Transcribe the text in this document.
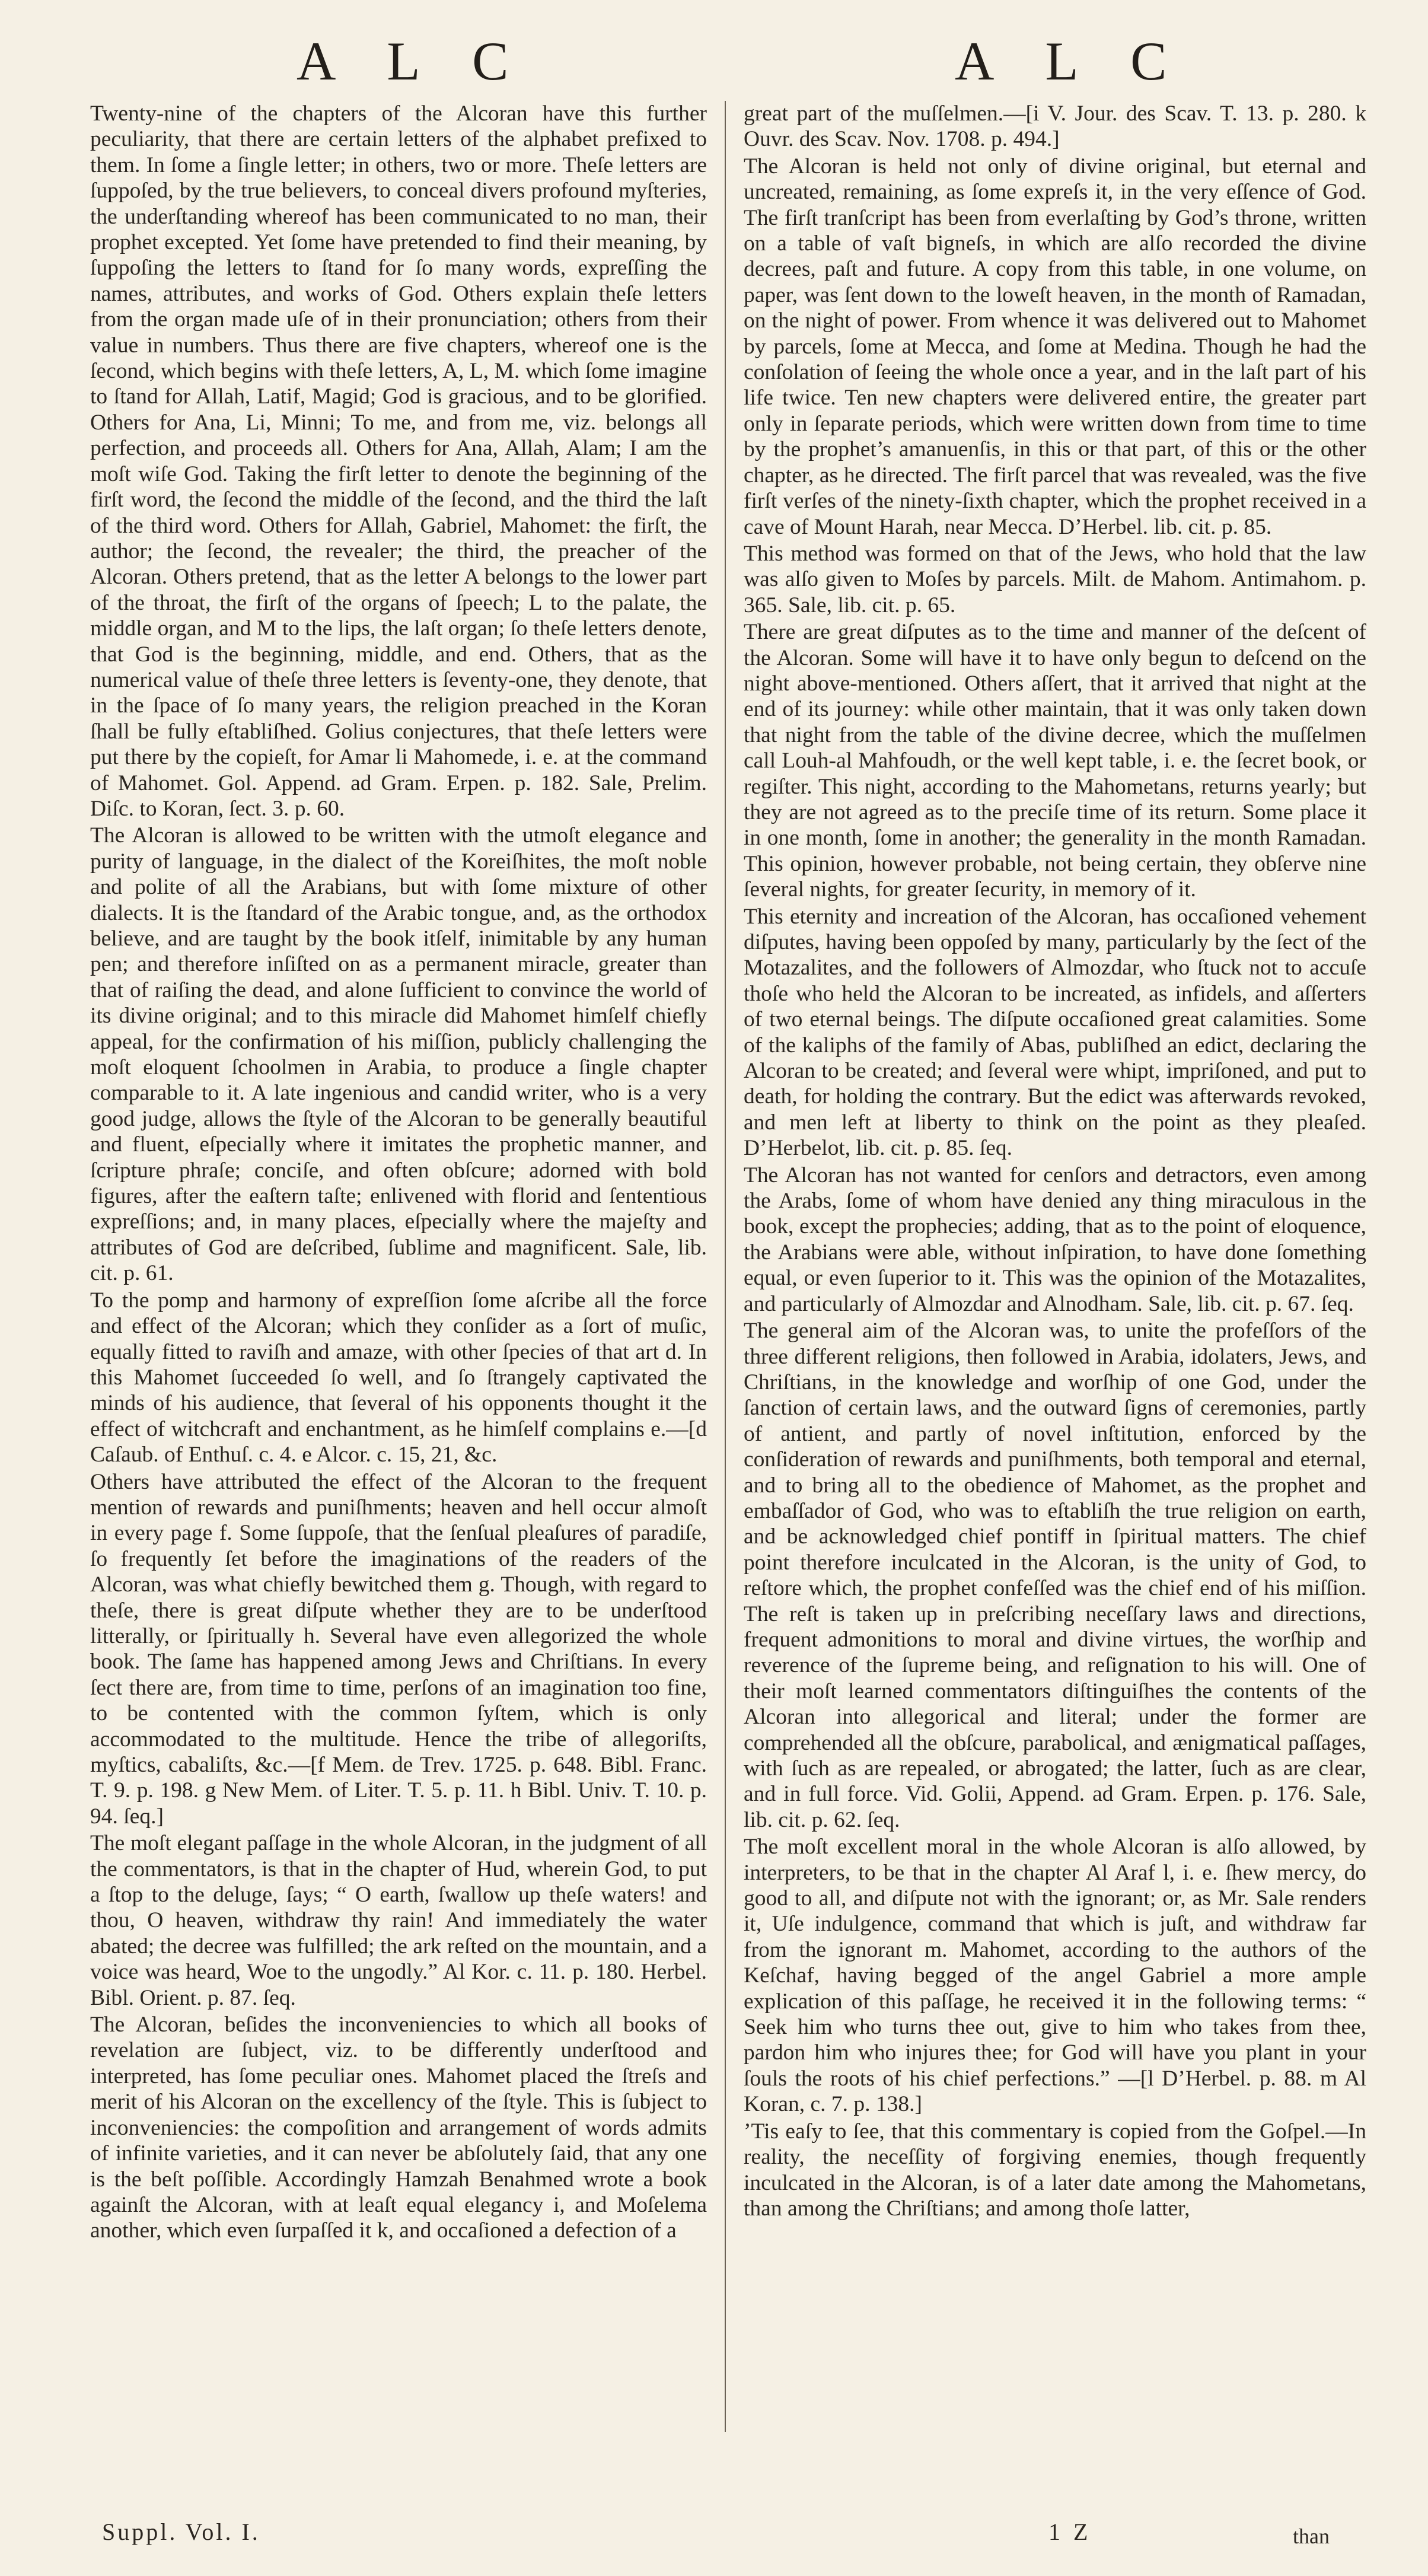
A L C	A L C

Twenty-nine of the chapters of the Alcoran have this further peculiarity, that there are certain letters of the alphabet prefixed to them. In ſome a ſingle letter; in others, two or more. Theſe letters are ſuppoſed, by the true believers, to conceal divers profound myſteries, the underſtanding whereof has been communicated to no man, their prophet excepted. Yet ſome have pretended to find their meaning, by ſuppoſing the letters to ſtand for ſo many words, expreſſing the names, attributes, and works of God. Others explain theſe letters from the organ made uſe of in their pronunciation; others from their value in numbers. Thus there are five chapters, whereof one is the ſecond, which begins with theſe letters, A, L, M. which ſome imagine to ſtand for Allah, Latif, Magid; God is gracious, and to be glorified. Others for Ana, Li, Minni; To me, and from me, viz. belongs all perfection, and proceeds all. Others for Ana, Allah, Alam; I am the moſt wiſe God. Taking the firſt letter to denote the beginning of the firſt word, the ſecond the middle of the ſecond, and the third the laſt of the third word. Others for Allah, Gabriel, Mahomet: the firſt, the author; the ſecond, the revealer; the third, the preacher of the Alcoran. Others pretend, that as the letter A belongs to the lower part of the throat, the firſt of the organs of ſpeech; L to the palate, the middle organ, and M to the lips, the laſt organ; ſo theſe letters denote, that God is the beginning, middle, and end. Others, that as the numerical value of theſe three letters is ſeventy-one, they denote, that in the ſpace of ſo many years, the religion preached in the Koran ſhall be fully eſtabliſhed. Golius conjectures, that theſe letters were put there by the copieſt, for Amar li Mahomede, i. e. at the command of Mahomet. Gol. Append. ad Gram. Erpen. p. 182. Sale, Prelim. Diſc. to Koran, ſect. 3. p. 60.

The Alcoran is allowed to be written with the utmoſt elegance and purity of language, in the dialect of the Koreiſhites, the moſt noble and polite of all the Arabians, but with ſome mixture of other dialects. It is the ſtandard of the Arabic tongue, and, as the orthodox believe, and are taught by the book itſelf, inimitable by any human pen; and therefore inſiſted on as a permanent miracle, greater than that of raiſing the dead, and alone ſufficient to convince the world of its divine original; and to this miracle did Mahomet himſelf chiefly appeal, for the confirmation of his miſſion, publicly challenging the moſt eloquent ſchoolmen in Arabia, to produce a ſingle chapter comparable to it. A late ingenious and candid writer, who is a very good judge, allows the ſtyle of the Alcoran to be generally beautiful and fluent, eſpecially where it imitates the prophetic manner, and ſcripture phraſe; conciſe, and often obſcure; adorned with bold figures, after the eaſtern taſte; enlivened with florid and ſententious expreſſions; and, in many places, eſpecially where the majeſty and attributes of God are deſcribed, ſublime and magnificent. Sale, lib. cit. p. 61.

To the pomp and harmony of expreſſion ſome aſcribe all the force and effect of the Alcoran; which they conſider as a ſort of muſic, equally fitted to raviſh and amaze, with other ſpecies of that art d. In this Mahomet ſucceeded ſo well, and ſo ſtrangely captivated the minds of his audience, that ſeveral of his opponents thought it the effect of witchcraft and enchantment, as he himſelf complains e.—[d Caſaub. of Enthuſ. c. 4. e Alcor. c. 15, 21, &c.

Others have attributed the effect of the Alcoran to the frequent mention of rewards and puniſhments; heaven and hell occur almoſt in every page f. Some ſuppoſe, that the ſenſual pleaſures of paradiſe, ſo frequently ſet before the imaginations of the readers of the Alcoran, was what chiefly bewitched them g. Though, with regard to theſe, there is great diſpute whether they are to be underſtood litterally, or ſpiritually h. Several have even allegorized the whole book. The ſame has happened among Jews and Chriſtians. In every ſect there are, from time to time, perſons of an imagination too fine, to be contented with the common ſyſtem, which is only accommodated to the multitude. Hence the tribe of allegoriſts, myſtics, cabaliſts, &c.—[f Mem. de Trev. 1725. p. 648. Bibl. Franc. T. 9. p. 198. g New Mem. of Liter. T. 5. p. 11. h Bibl. Univ. T. 10. p. 94. ſeq.]

The moſt elegant paſſage in the whole Alcoran, in the judgment of all the commentators, is that in the chapter of Hud, wherein God, to put a ſtop to the deluge, ſays; “ O earth, ſwallow up theſe waters! and thou, O heaven, withdraw thy rain! And immediately the water abated; the decree was fulfilled; the ark reſted on the mountain, and a voice was heard, Woe to the ungodly.” Al Kor. c. 11. p. 180. Herbel. Bibl. Orient. p. 87. ſeq.

The Alcoran, beſides the inconveniencies to which all books of revelation are ſubject, viz. to be differently underſtood and interpreted, has ſome peculiar ones. Mahomet placed the ſtreſs and merit of his Alcoran on the excellency of the ſtyle. This is ſubject to inconveniencies: the compoſition and arrangement of words admits of infinite varieties, and it can never be abſolutely ſaid, that any one is the beſt poſſible. Accordingly Hamzah Benahmed wrote a book againſt the Alcoran, with at leaſt equal elegancy i, and Moſelema another, which even ſurpaſſed it k, and occaſioned a defection of a

great part of the muſſelmen.—[i V. Jour. des Scav. T. 13. p. 280. k Ouvr. des Scav. Nov. 1708. p. 494.]

The Alcoran is held not only of divine original, but eternal and uncreated, remaining, as ſome expreſs it, in the very eſſence of God. The firſt tranſcript has been from everlaſting by God’s throne, written on a table of vaſt bigneſs, in which are alſo recorded the divine decrees, paſt and future. A copy from this table, in one volume, on paper, was ſent down to the loweſt heaven, in the month of Ramadan, on the night of power. From whence it was delivered out to Mahomet by parcels, ſome at Mecca, and ſome at Medina. Though he had the conſolation of ſeeing the whole once a year, and in the laſt part of his life twice. Ten new chapters were delivered entire, the greater part only in ſeparate periods, which were written down from time to time by the prophet’s amanuenſis, in this or that part, of this or the other chapter, as he directed. The firſt parcel that was revealed, was the five firſt verſes of the ninety-ſixth chapter, which the prophet received in a cave of Mount Harah, near Mecca. D’Herbel. lib. cit. p. 85.

This method was formed on that of the Jews, who hold that the law was alſo given to Moſes by parcels. Milt. de Mahom. Antimahom. p. 365. Sale, lib. cit. p. 65.

There are great diſputes as to the time and manner of the deſcent of the Alcoran. Some will have it to have only begun to deſcend on the night above-mentioned. Others aſſert, that it arrived that night at the end of its journey: while other maintain, that it was only taken down that night from the table of the divine decree, which the muſſelmen call Louh-al Mahfoudh, or the well kept table, i. e. the ſecret book, or regiſter. This night, according to the Mahometans, returns yearly; but they are not agreed as to the preciſe time of its return. Some place it in one month, ſome in another; the generality in the month Ramadan. This opinion, however probable, not being certain, they obſerve nine ſeveral nights, for greater ſecurity, in memory of it.

This eternity and increation of the Alcoran, has occaſioned vehement diſputes, having been oppoſed by many, particularly by the ſect of the Motazalites, and the followers of Almozdar, who ſtuck not to accuſe thoſe who held the Alcoran to be increated, as infidels, and aſſerters of two eternal beings. The diſpute occaſioned great calamities. Some of the kaliphs of the family of Abas, publiſhed an edict, declaring the Alcoran to be created; and ſeveral were whipt, impriſoned, and put to death, for holding the contrary. But the edict was afterwards revoked, and men left at liberty to think on the point as they pleaſed. D’Herbelot, lib. cit. p. 85. ſeq.

The Alcoran has not wanted for cenſors and detractors, even among the Arabs, ſome of whom have denied any thing miraculous in the book, except the prophecies; adding, that as to the point of eloquence, the Arabians were able, without inſpiration, to have done ſomething equal, or even ſuperior to it. This was the opinion of the Motazalites, and particularly of Almozdar and Alnodham. Sale, lib. cit. p. 67. ſeq.

The general aim of the Alcoran was, to unite the profeſſors of the three different religions, then followed in Arabia, idolaters, Jews, and Chriſtians, in the knowledge and worſhip of one God, under the ſanction of certain laws, and the outward ſigns of ceremonies, partly of antient, and partly of novel inſtitution, enforced by the conſideration of rewards and puniſhments, both temporal and eternal, and to bring all to the obedience of Mahomet, as the prophet and embaſſador of God, who was to eſtabliſh the true religion on earth, and be acknowledged chief pontiff in ſpiritual matters. The chief point therefore inculcated in the Alcoran, is the unity of God, to reſtore which, the prophet confeſſed was the chief end of his miſſion. The reſt is taken up in preſcribing neceſſary laws and directions, frequent admonitions to moral and divine virtues, the worſhip and reverence of the ſupreme being, and reſignation to his will. One of their moſt learned commentators diſtinguiſhes the contents of the Alcoran into allegorical and literal; under the former are comprehended all the obſcure, parabolical, and ænigmatical paſſages, with ſuch as are repealed, or abrogated; the latter, ſuch as are clear, and in full force. Vid. Golii, Append. ad Gram. Erpen. p. 176. Sale, lib. cit. p. 62. ſeq.

The moſt excellent moral in the whole Alcoran is alſo allowed, by interpreters, to be that in the chapter Al Araf l, i. e. ſhew mercy, do good to all, and diſpute not with the ignorant; or, as Mr. Sale renders it, Uſe indulgence, command that which is juſt, and withdraw far from the ignorant m. Mahomet, according to the authors of the Keſchaf, having begged of the angel Gabriel a more ample explication of this paſſage, he received it in the following terms: “ Seek him who turns thee out, give to him who takes from thee, pardon him who injures thee; for God will have you plant in your ſouls the roots of his chief perfections.” —[l D’Herbel. p. 88. m Al Koran, c. 7. p. 138.]

’Tis eaſy to ſee, that this commentary is copied from the Goſpel.—In reality, the neceſſity of forgiving enemies, though frequently inculcated in the Alcoran, is of a later date among the Mahometans, than among the Chriſtians; and among thoſe latter,

Suppl. Vol. I.	1 Z	than
